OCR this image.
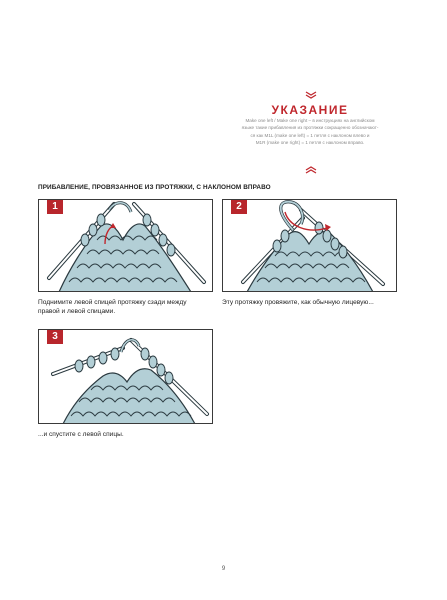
УКАЗАНИЕ
Make one left / Make one right – в инструкциях на английском
языке такие прибавления из протяжки сокращенно обозначают-
ся как M1L (make one left) = 1 петля с наклоном влево и
M1R (make one right) = 1 петля с наклоном вправо.
ПРИБАВЛЕНИЕ, ПРОВЯЗАННОЕ ИЗ ПРОТЯЖКИ, С НАКЛОНОМ ВПРАВО
1	2
Поднимите левой спицей протяжку сзади между
правой и левой спицами.
Эту протяжку провяжите, как обычную лицевую...
3
...и спустите с левой спицы.
9
